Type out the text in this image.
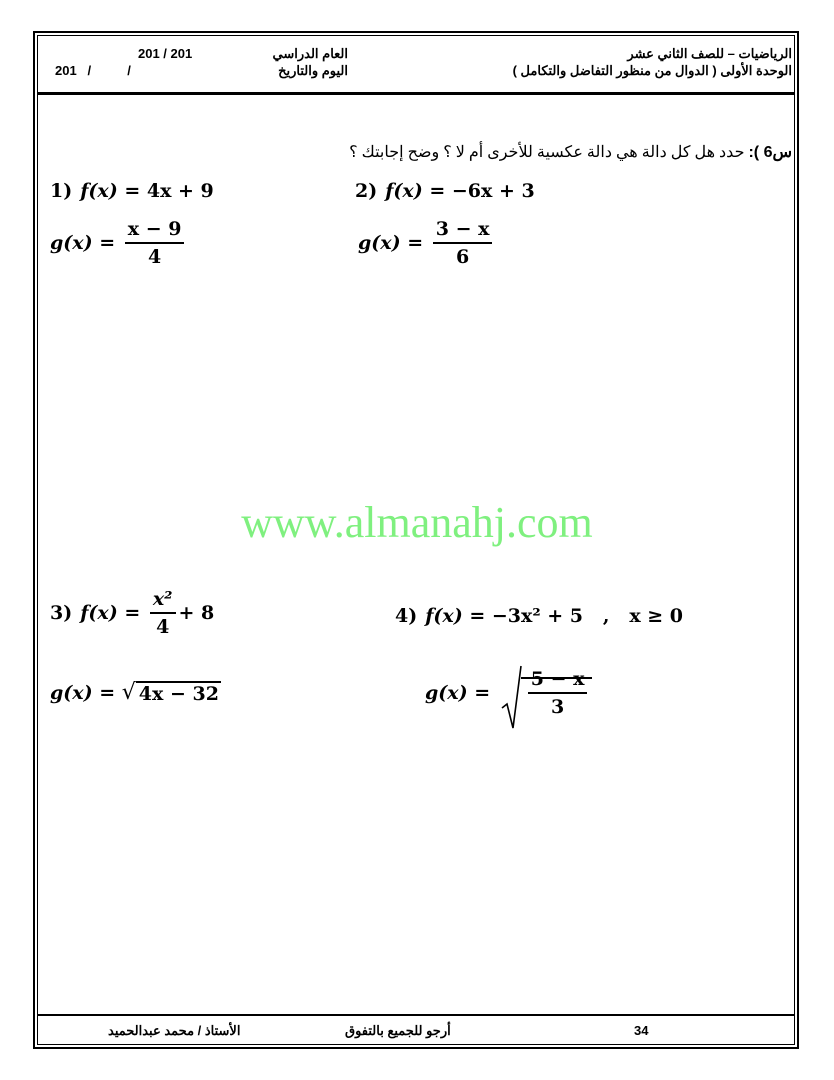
الرياضيات – للصف الثاني عشر
الوحدة الأولى ( الدوال من منظور التفاضل والتكامل )
العام الدراسي
201 / 201
اليوم والتاريخ
201   /          /
س6 ): حدد هل كل دالة هي دالة عكسية للأخرى أم لا ؟ وضح إجابتك ؟
1) f(x) =
4x + 9
g(x) =
$\frac{x - 9}{4}$
2) f(x) =
−6x + 3
g(x) =
$\frac{3 - x}{6}$
www.almanahj.com
3) f(x) =
$\frac{\text{x²}}{4} + 8$
g(x) =
√ 4x − 32
4) f(x) =
−3x² + 5   ,   x ≥ 0
g(x) =
$\frac{5 - x}{3}$
الأستاذ / محمد عبدالحميد	أرجو للجميع بالتفوق	34
